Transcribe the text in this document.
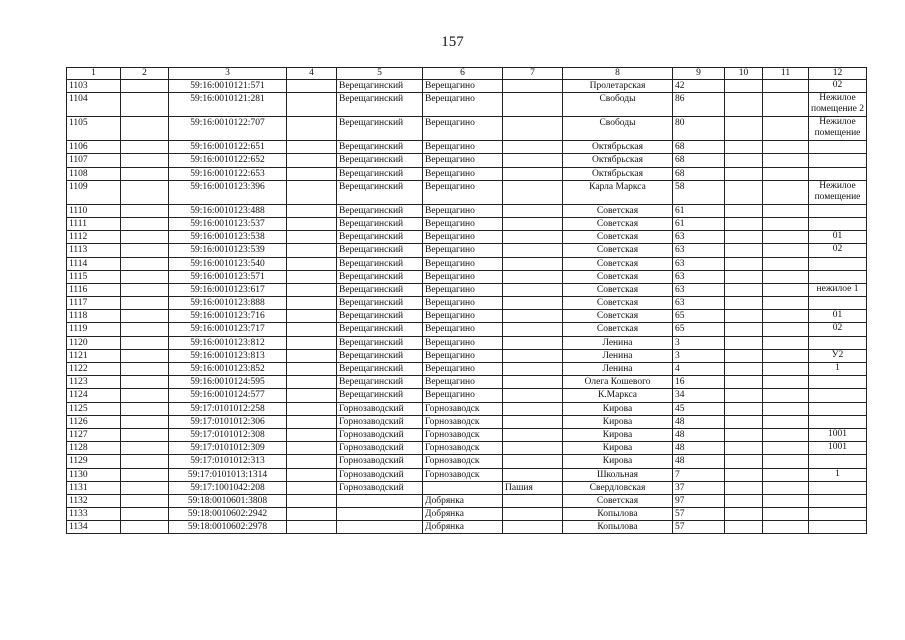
157
1	2	3	4	5	6	7	8	9	10	11	12
1103		59:16:0010121:571		Верещагинский	Верещагино		Пролетарская	42			02
1104		59:16:0010121:281		Верещагинский	Верещагино		Свободы	86			Нежилое помещение 2
1105		59:16:0010122:707		Верещагинский	Верещагино		Свободы	80			Нежилое помещение
1106		59:16:0010122:651		Верещагинский	Верещагино		Октябрьская	68			
1107		59:16:0010122:652		Верещагинский	Верещагино		Октябрьская	68			
1108		59:16:0010122:653		Верещагинский	Верещагино		Октябрьская	68			
1109		59:16:0010123:396		Верещагинский	Верещагино		Карла Маркса	58			Нежилое помещение
1110		59:16:0010123:488		Верещагинский	Верещагино		Советская	61			
1111		59:16:0010123:537		Верещагинский	Верещагино		Советская	61			
1112		59:16:0010123:538		Верещагинский	Верещагино		Советская	63			01
1113		59:16:0010123:539		Верещагинский	Верещагино		Советская	63			02
1114		59:16:0010123:540		Верещагинский	Верещагино		Советская	63			
1115		59:16:0010123:571		Верещагинский	Верещагино		Советская	63			
1116		59:16:0010123:617		Верещагинский	Верещагино		Советская	63			нежилое 1
1117		59:16:0010123:888		Верещагинский	Верещагино		Советская	63			
1118		59:16:0010123:716		Верещагинский	Верещагино		Советская	65			01
1119		59:16:0010123:717		Верещагинский	Верещагино		Советская	65			02
1120		59:16:0010123:812		Верещагинский	Верещагино		Ленина	3			
1121		59:16:0010123:813		Верещагинский	Верещагино		Ленина	3			У2
1122		59:16:0010123:852		Верещагинский	Верещагино		Ленина	4			1
1123		59:16:0010124:595		Верещагинский	Верещагино		Олега Кошевого	16			
1124		59:16:0010124:577		Верещагинский	Верещагино		К.Маркса	34			
1125		59:17:0101012:258		Горнозаводский	Горнозаводск		Кирова	45			
1126		59:17:0101012:306		Горнозаводский	Горнозаводск		Кирова	48			
1127		59:17:0101012:308		Горнозаводский	Горнозаводск		Кирова	48			1001
1128		59:17:0101012:309		Горнозаводский	Горнозаводск		Кирова	48			1001
1129		59:17:0101012:313		Горнозаводский	Горнозаводск		Кирова	48			
1130		59:17:0101013:1314		Горнозаводский	Горнозаводск		Школьная	7			1
1131		59:17:1001042:208		Горнозаводский		Пашия	Свердловская	37			
1132		59:18:0010601:3808			Добрянка		Советская	97			
1133		59:18:0010602:2942			Добрянка		Копылова	57			
1134		59:18:0010602:2978			Добрянка		Копылова	57			
